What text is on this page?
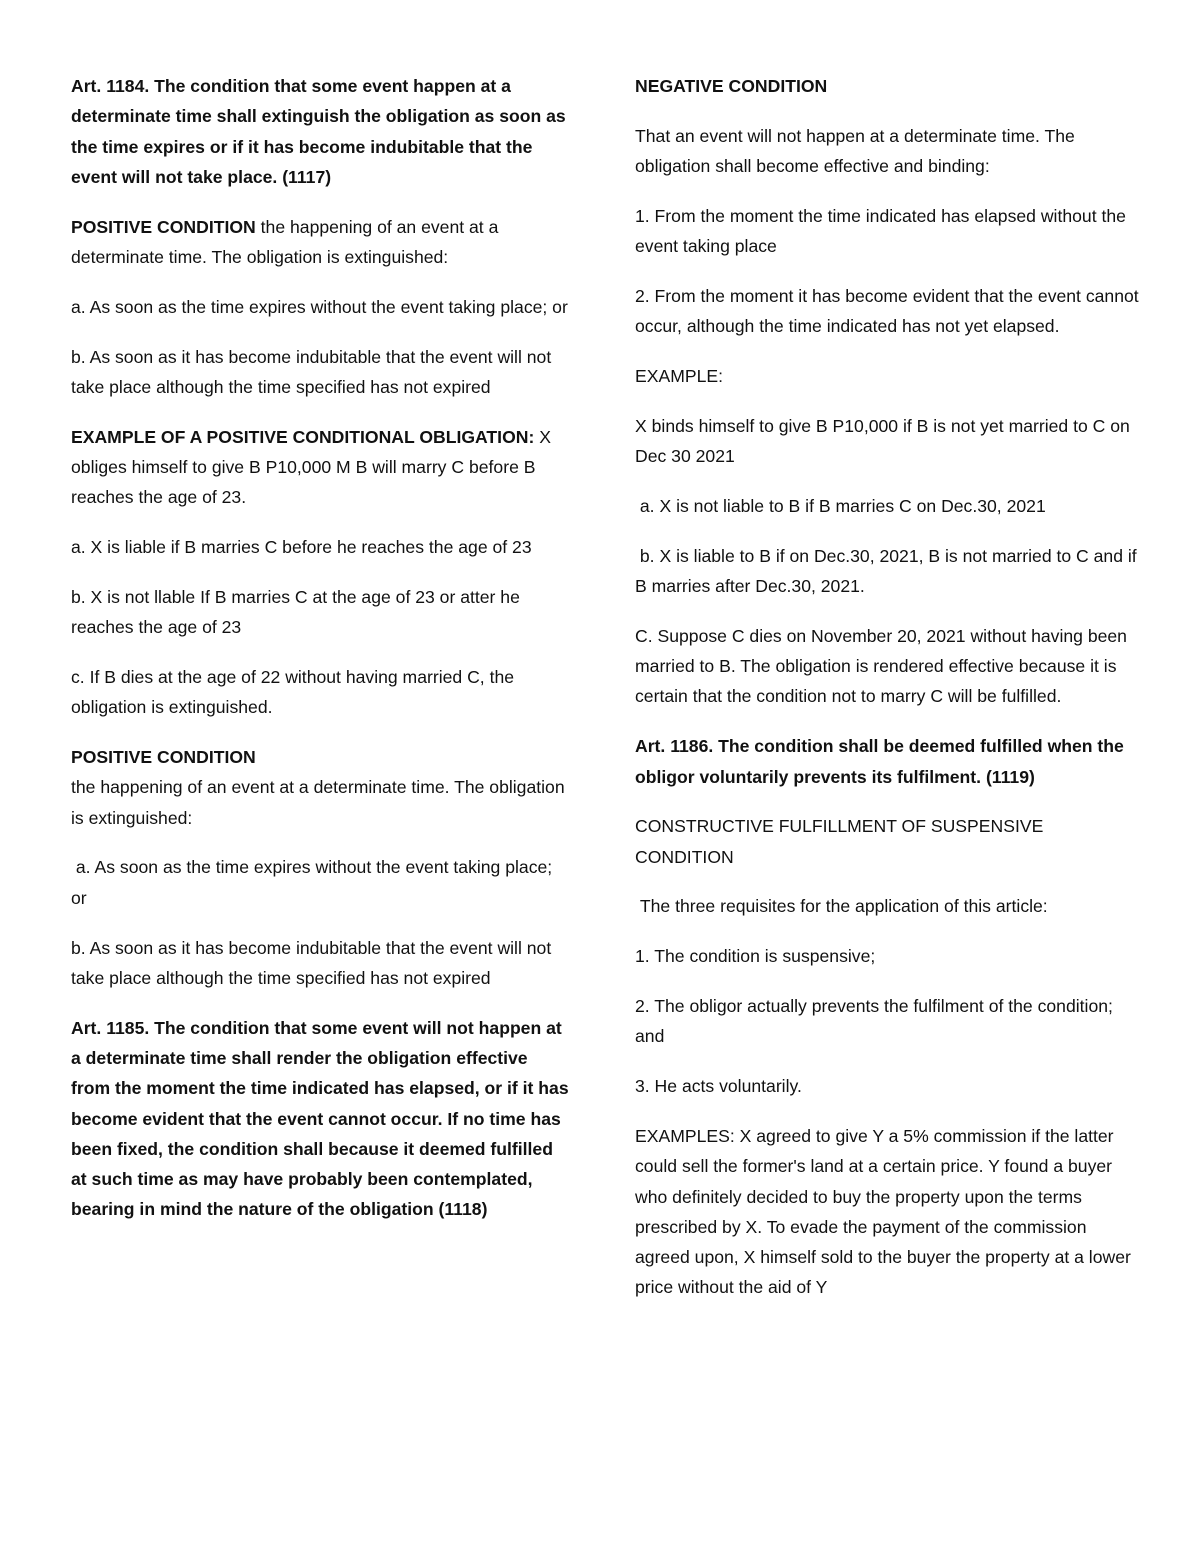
Art. 1184. The condition that some event happen at a determinate time shall extinguish the obligation as soon as the time expires or if it has become indubitable that the event will not take place. (1117)

POSITIVE CONDITION the happening of an event at a determinate time. The obligation is extinguished:

a. As soon as the time expires without the event taking place; or

b. As soon as it has become indubitable that the event will not take place although the time specified has not expired

EXAMPLE OF A POSITIVE CONDITIONAL OBLIGATION: X obliges himself to give B P10,000 M B will marry C before B reaches the age of 23.

a. X is liable if B marries C before he reaches the age of 23

b. X is not llable If B marries C at the age of 23 or atter he reaches the age of 23

c. If B dies at the age of 22 without having married C, the obligation is extinguished.

POSITIVE CONDITION
the happening of an event at a determinate time. The obligation is extinguished:

a. As soon as the time expires without the event taking place; or

b. As soon as it has become indubitable that the event will not take place although the time specified has not expired

Art. 1185. The condition that some event will not happen at a determinate time shall render the obligation effective from the moment the time indicated has elapsed, or if it has become evident that the event cannot occur. If no time has been fixed, the condition shall because it deemed fulfilled at such time as may have probably been contemplated, bearing in mind the nature of the obligation (1118)

NEGATIVE CONDITION

That an event will not happen at a determinate time. The obligation shall become effective and binding:

1. From the moment the time indicated has elapsed without the event taking place

2. From the moment it has become evident that the event cannot occur, although the time indicated has not yet elapsed.

EXAMPLE:

X binds himself to give B P10,000 if B is not yet married to C on Dec 30 2021

a. X is not liable to B if B marries C on Dec.30, 2021

b. X is liable to B if on Dec.30, 2021, B is not married to C and if B marries after Dec.30, 2021.

C. Suppose C dies on November 20, 2021 without having been married to B. The obligation is rendered effective because it is certain that the condition not to marry C will be fulfilled.

Art. 1186. The condition shall be deemed fulfilled when the obligor voluntarily prevents its fulfilment. (1119)

CONSTRUCTIVE FULFILLMENT OF SUSPENSIVE CONDITION

The three requisites for the application of this article:

1. The condition is suspensive;

2. The obligor actually prevents the fulfilment of the condition; and

3. He acts voluntarily.

EXAMPLES: X agreed to give Y a 5% commission if the latter could sell the former's land at a certain price. Y found a buyer who definitely decided to buy the property upon the terms prescribed by X. To evade the payment of the commission agreed upon, X himself sold to the buyer the property at a lower price without the aid of Y
